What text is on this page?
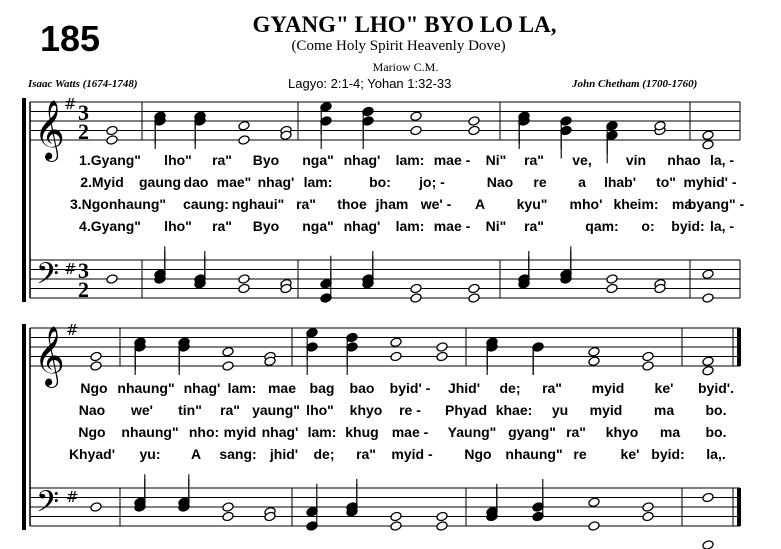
𝄞
𝄢
#
#
3
2
3
2
𝄞
𝄢
#
#
185	GYANG" LHO" BYO LO LA,
(Come Holy Spirit Heavenly Dove)
Mariow C.M.
Isaac Watts (1674-1748)	Lagyo: 2:1-4; Yohan 1:32-33	John Chetham (1700-1760)
1.Gyang" lho" ra" Byo nga" nhag' lam: mae - Ni" ra" ve, vin nhao la, -
2.Myid gaung dao mae" nhag' lam:	bo: jo; -	Nao re a lhab' to" myhid' -
3.Ngonhaung" caung: nghaui" ra" thoe jham we' - A kyu" mho' kheim: ma
byang" -
4.Gyang" lho" ra" Byo nga" nhag' lam: mae - Ni" ra"	qam: o: byid: la, -
Ngo nhaung" nhag' lam: mae bag bao byid' - Jhid' de; ra" myid ke' byid'.
Nao we' tin" ra" yaung" lho" khyo re - Phyad khae: yu myid ma bo.
Ngo nhaung" nho: myid nhag' lam: khug mae - Yaung" gyang" ra" khyo ma bo.
Khyad' yu: A sang: jhid' de; ra" myid - Ngo nhaung" re ke' byid: la,.
